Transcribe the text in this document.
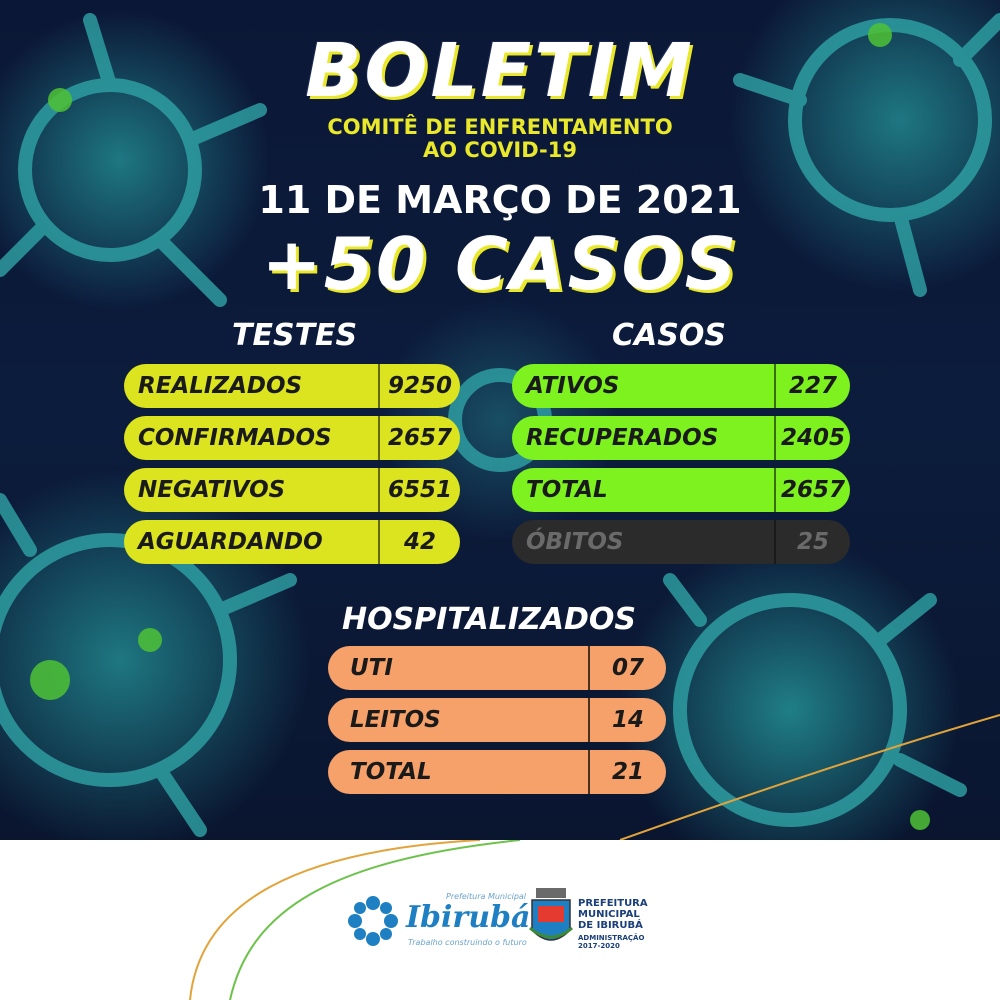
BOLETIM
COMITÊ DE ENFRENTAMENTO
AO COVID-19
11 DE MARÇO DE 2021
+50 CASOS
TESTES
REALIZADOS	9250
CONFIRMADOS	2657
NEGATIVOS	6551
AGUARDANDO	42
CASOS
ATIVOS	227
RECUPERADOS	2405
TOTAL	2657
ÓBITOS	25
HOSPITALIZADOS
UTI	07
LEITOS	14
TOTAL	21
Prefeitura Municipal
Ibirubá
Trabalho construindo o futuro
PREFEITURA
MUNICIPAL
DE IBIRUBÁ
ADMINISTRAÇÃO
2017-2020
